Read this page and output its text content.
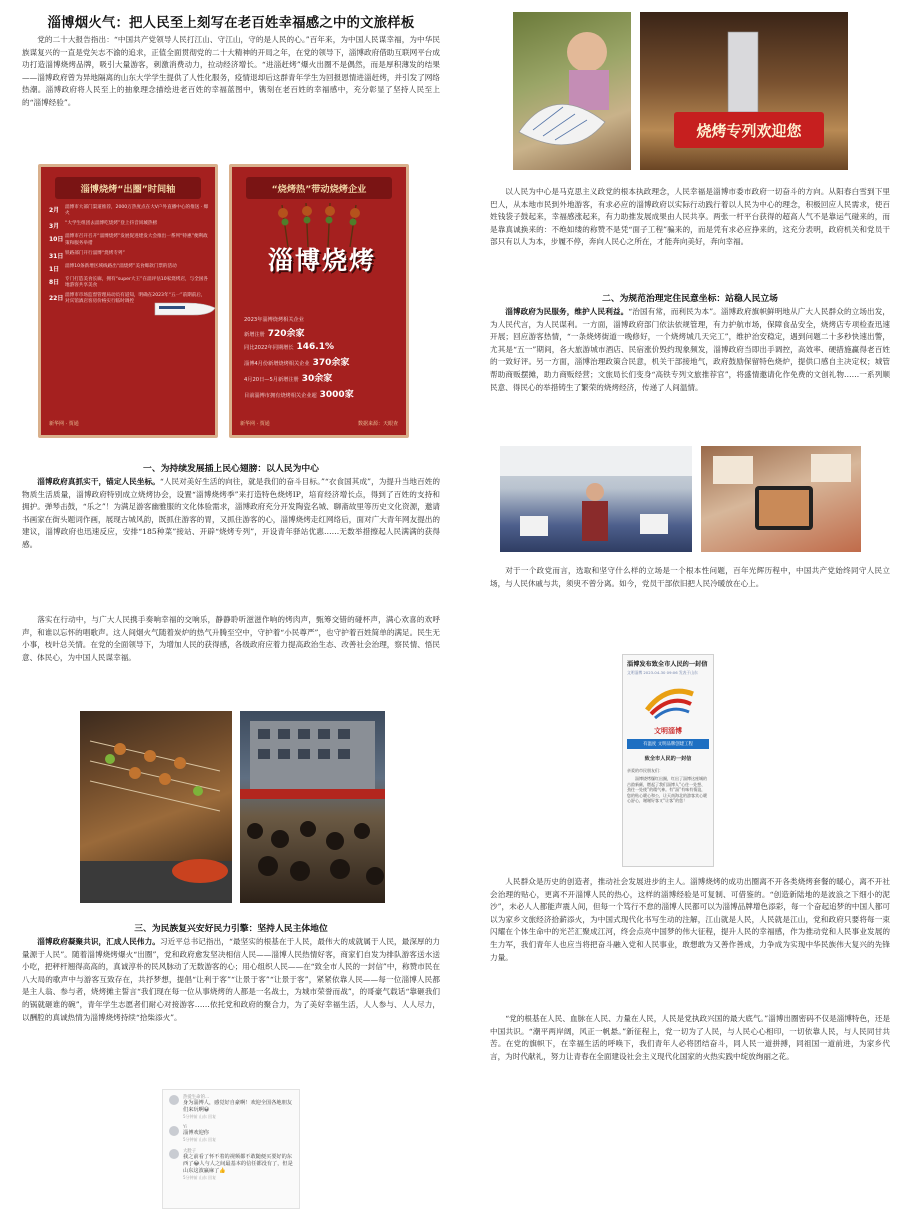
淄博烟火气：把人民至上刻写在老百姓幸福感之中的文旅样板

党的二十大报告指出：“中国共产党领导人民打江山、守江山，守的是人民的心。”百年来，为中国人民谋幸福，为中华民族谋复兴的一直是党矢志不渝的追求，正值全面贯彻党的二十大精神的开局之年，在党的领导下，淄博政府借助互联网平台成功打造淄博烧烤品牌，吸引大量游客，刺激消费动力，拉动经济增长。“进淄赶烤”爆火出圈不是偶然，而是厚积薄发的结果——淄博政府曾为异地隔离的山东大学学生提供了人性化服务，疫情退却后这群青年学生为回报恩情进淄赶烤，并引发了网络热潮。淄博政府将人民至上的抽象理念描绘进老百姓的幸福蓝图中，镌刻在老百姓的幸福感中，充分彰显了坚持人民至上的“淄博经验”。

淄博烧烤“出圈”时间轴
2月	淄博市大部门渠道推荐，2000万热度点在大V户外直播中心的推送 · 爆火
3月	“大学生组团去淄博吃烧烤”登上抖音同城热榜
10日 淄博市召开召开“淄博烧烤”发展促进建发大会推出一系列“特惠”便利政策和服务举措
31日 铁路部门开行淄博“烧烤专列”
1日	淄博10条新增区域线路出“淄烧烤”美食爆款门票的活动
8日	专门打造美食长廊，拥有“super大王”在淄评估10家烧烤店，与全国各地游客共享美食
22日 淄博市市场监督管理局动员有道知，明确在2023年“五一”前期前后，对宾馆酒店客房价格实行临时调控
新华网 · 贾通
“烧烤热”带动烧烤企业
淄博烧烤
2023年淄博烧烤相关企业
新增注册 720余家
同比2022年同期增长 146.1%
淄博4月份新增烧烤相关企业 370余家
4月20日—5月新增注册 30余家
目前淄博市拥有烧烤相关企业超 3000家
新华网 · 贾通	数据来源：天眼查
一、为持续发展插上民心翅膀：以人民为中心

淄博政府真抓实干，锚定人民坐标。“人民对美好生活的向往，就是我们的奋斗目标。”“衣食国其成”，为提升当地百姓的物质生活质量，淄博政府特别成立烧烤协会，设置“淄博烧烤季”来打造特色烧烤IP，培育经济增长点，得到了百姓的支持和拥护。弹琴击鼓，“乐之”！为满足游客幽雅服的文化体验需求，淄博政府充分开发陶瓷名城、聊斋故里等历史文化资源，邀请书画家在街头题词作画，展现古城风韵，既抓住游客的胃，又抓住游客的心，淄博烧烤走红网络后，面对广大青年网友提出的建议，淄博政府也迅速反应，安排“185种菜”接站、开辟“烧烤专列”，开设青年驿站优惠……无数举措擦起人民满满的获得感。

落实在行动中，与广大人民携手奏响幸福的交响乐，静静聆听滋滋作响的烤肉声，甄筹交错的碰杯声，满心欢喜的欢呼声，和谁以忘怀的唱歌声。这人间烟火气随着炭炉的热气升腾至空中，守护着“小民尊严”，也守护着百姓简单的满足。民生无小事，枝叶总关情。在党的全面领导下，为增加人民的获得感，各级政府应着力提高政治生态、改善社会治理，察民情、悟民意、体民心，为中国人民谋幸福。

三、为民族复兴安好民力引擎：坚持人民主体地位

淄博政府凝聚共识，汇成人民伟力。习近平总书记指出，“最坚实的根基在于人民，最伟大的成就属于人民，最深厚的力量源于人民”。随着淄博烧烤爆火“出圈”，党和政府愈发坚决相信人民——淄博人民热情好客，商家们自发为排队游客送水送小吃，把秤杆翘得高高的，真诚淳朴的民风脉动了无数游客的心；用心组织人民——在“致全市人民的一封信”中，称赞市民在八大局的歌声中与游客互致存在，共抒梦想，提倡“让利于客”“让景于客”“让景于客”，紧紧依靠人民——每一位淄博人民都是主人翁、参与者，烧烤摊主誓言“我们现在每一位从事烧烤的人都是一名战士，为城市荣誉而战”，的哥豪气载话“靠砸我们的锅就砸谁的碗”，青年学生志愿者们耐心对接游客……依托党和政府的聚合力，为了美好幸福生活，人人参与、人人尽力，以酬腔的真诚热情为淄博烧烤持续“拾柴添火”。

热爱生命的...
身为淄博人，感觉好自豪啊！欢迎全国各地朋友们来玩啊😀
5分钟前 山东 回复
Yi
淄博欢迎你
5分钟前 山东 回复
大脸子
我之前看了怀不着的视频都不敢随便买要好的东西了😂人与人之间最基本的信任都没有了，但是山东这波赢麻了👍
5分钟前 山东 回复
烧烤专列欢迎您

以人民为中心是马克思主义政党的根本执政理念，人民幸福是淄博市委市政府一切奋斗的方向。从阳春白雪到下里巴人，从本地市民到外地游客，有求必应的淄博政府以实际行动践行着以人民为中心的理念，积极回应人民需求，使百姓钱袋子鼓起来，幸福感涨起来，有力助推发展成果由人民共享。两张一杆平台获得的超高人气不是靠运气碰来的，而是靠真诚换来的：不绝如缕的称赞不是凭“面子工程”骗来的，而是凭有求必应挣来的，这充分表明，政府机关和党员干部只有以人为本，步履不停，奔向人民心之所在，才能奔向美好，奔向幸福。

二、为规范治理定住民意坐标：站稳人民立场

淄博政府为民服务，维护人民利益。“治国有常，而利民为本”。淄博政府旗帜鲜明地从广大人民群众的立场出发，为人民代言，为人民谋利。一方面，淄博政府部门依法依规管理，有力护航市场，保障食品安全，烧烤店专项检查迅速开展；回应游客热情，“一条烧烤街道一晚修好，一个烧烤城几天完工”，维护治安稳定，遇到问题二十多秒快速出警，尤其是“五一”期间，各大旅游城市酒店、民宿涨价毁约现象频发，淄博政府当即出手调控，高效率、硬措施赢得老百姓的一致好评。另一方面，淄博治理政策合民意，机关干部接地气，政府鼓励保留特色烧炉，提供口感自主决定权；城管帮助商贩摆摊，助力商贩经营；文旅局长们变身“高铁专列文旅推荐官”，将盛情邀请化作免费的文创礼物……一系列顺民意、得民心的举措铸生了繁荣的烧烤经济，传递了人间温情。

对于一个政党而言，选取和坚守什么样的立场是一个根本性问题，百年光辉历程中，中国共产党始终同守人民立场，与人民休戚与共，须臾不曾分离。如今，党员干部依旧把人民冷暖放在心上。

淄博发布致全市人民的一封信
文明淄博 2023-04-30 09:06 发表于山东
文明淄博
有温度 文明品牌创建工程
致全市人民的一封信
亲爱的市民朋友们：
淄博烧烤爆红出圈，红出了淄博这座城的古韵新颜，燃起了我们淄博人“心往一处想、劲往一处使”的精气神。有“淄”有味有情谊，您的贴心暖心和公，让天南海北的游客宾心暖心舒心，谢谢好客又“让客”的您！

人民群众是历史的创造者，推动社会发展进步的主人。淄博烧烤的成功出圈离不开各类烧烤套餐的暖心，离不开社会治理的贴心，更离不开淄博人民的热心，这样的淄博经验是可复制、可借鉴的。“创造新陆地的是波浪之下细小的泥沙”，未必人人都能声震人间，但每一个笃行不怠的淄博人民都可以为淄博品牌增色添彩，每一个奋起追梦的中国人都可以为家乡文旅经济拾薪添火，为中国式现代化书写生动的注解，江山就是人民，人民就是江山，党和政府只要将每一束闪耀在个体生命中的光芒汇聚成江河，终会点亮中国梦的伟大征程，提升人民的幸福感，作为推动党和人民事业发展的生力军，我们青年人也应当将把奋斗融入党和人民事业，敢想敢为又善作善成，力争成为实现中华民族伟大复兴的先锋力量。

“党的根基在人民、血脉在人民、力量在人民，人民是党执政兴国的最大底气。”淄博出圈密码不仅是淄博特色，还是中国共识。“潮平两岸阔，风正一帆悬。”新征程上，党一切为了人民，与人民心心相印，一切依靠人民，与人民同甘共苦。在党的旗帜下，在幸福生活的呼唤下，我们青年人必将团结奋斗，同人民一道拼搏，同祖国一道前进，为家乡代言，为时代献礼，努力让青春在全面建设社会主义现代化国家的火热实践中绽放绚丽之花。
